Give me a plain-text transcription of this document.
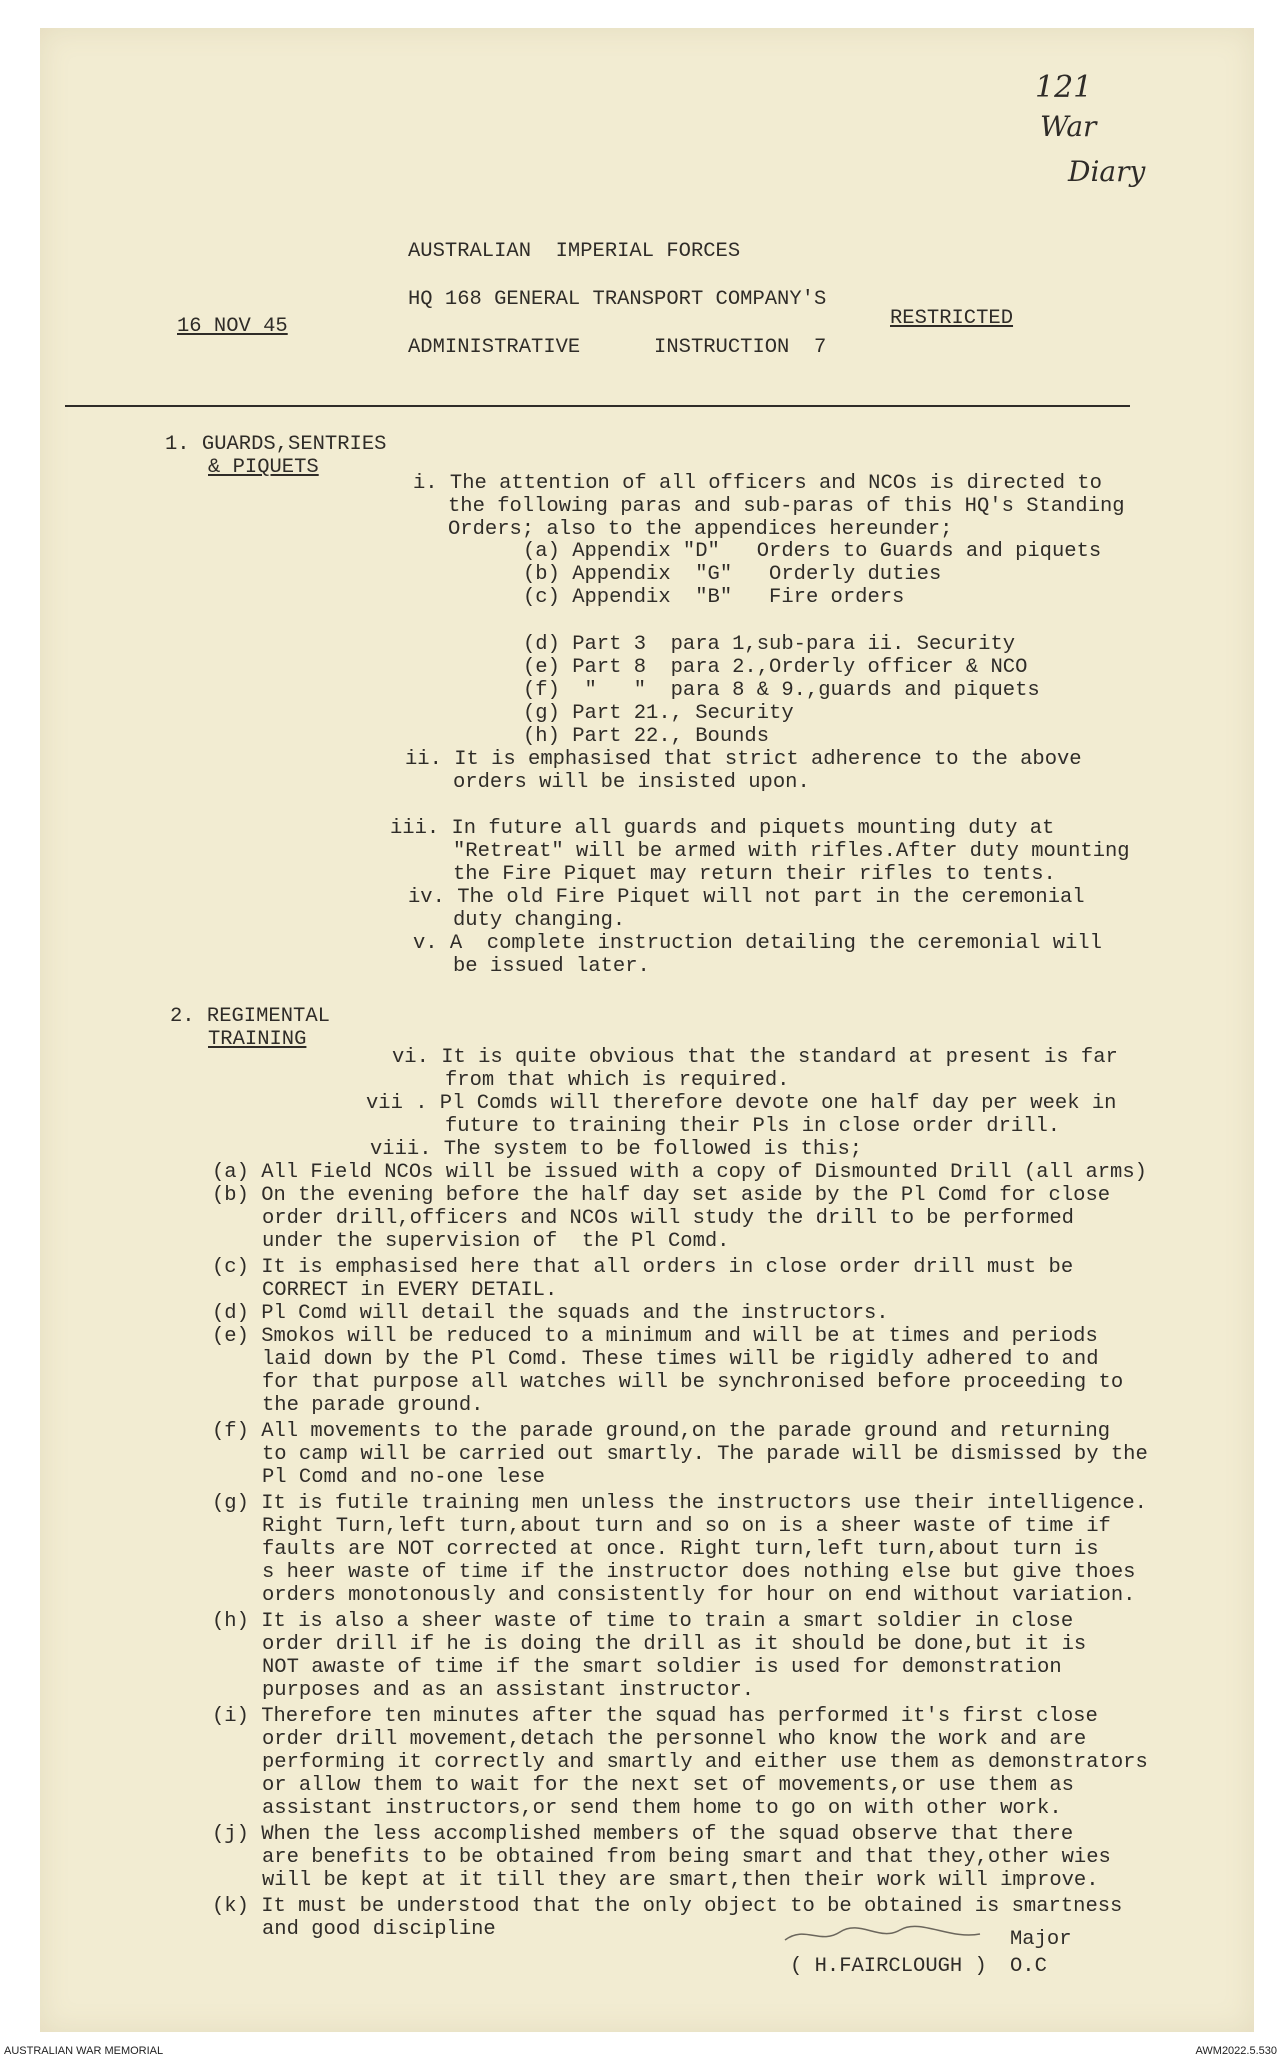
121
War
Diary
AUSTRALIAN  IMPERIAL FORCES
HQ 168 GENERAL TRANSPORT COMPANY'S
16 NOV 45	RESTRICTED
ADMINISTRATIVE      INSTRUCTION  7
1. GUARDS,SENTRIES
& PIQUETS
i. The attention of all officers and NCOs is directed to
the following paras and sub-paras of this HQ's Standing
Orders; also to the appendices hereunder;
(a) Appendix "D"   Orders to Guards and piquets
(b) Appendix  "G"   Orderly duties
(c) Appendix  "B"   Fire orders
(d) Part 3  para 1,sub-para ii. Security
(e) Part 8  para 2.,Orderly officer & NCO
(f)  "   "  para 8 & 9.,guards and piquets
(g) Part 21., Security
(h) Part 22., Bounds
ii. It is emphasised that strict adherence to the above
orders will be insisted upon.
iii. In future all guards and piquets mounting duty at
"Retreat" will be armed with rifles.After duty mounting
the Fire Piquet may return their rifles to tents.
iv. The old Fire Piquet will not part in the ceremonial
duty changing.
v. A  complete instruction detailing the ceremonial will
be issued later.
2. REGIMENTAL
TRAINING
vi. It is quite obvious that the standard at present is far
from that which is required.
vii . Pl Comds will therefore devote one half day per week in
future to training their Pls in close order drill.
viii. The system to be followed is this;
(a) All Field NCOs will be issued with a copy of Dismounted Drill (all arms)
(b) On the evening before the half day set aside by the Pl Comd for close
order drill,officers and NCOs will study the drill to be performed
under the supervision of  the Pl Comd.
(c) It is emphasised here that all orders in close order drill must be
CORRECT in EVERY DETAIL.
(d) Pl Comd will detail the squads and the instructors.
(e) Smokos will be reduced to a minimum and will be at times and periods
laid down by the Pl Comd. These times will be rigidly adhered to and
for that purpose all watches will be synchronised before proceeding to
the parade ground.
(f) All movements to the parade ground,on the parade ground and returning
to camp will be carried out smartly. The parade will be dismissed by the
Pl Comd and no-one lese
(g) It is futile training men unless the instructors use their intelligence.
Right Turn,left turn,about turn and so on is a sheer waste of time if
faults are NOT corrected at once. Right turn,left turn,about turn is
s heer waste of time if the instructor does nothing else but give thoes
orders monotonously and consistently for hour on end without variation.
(h) It is also a sheer waste of time to train a smart soldier in close
order drill if he is doing the drill as it should be done,but it is
NOT awaste of time if the smart soldier is used for demonstration
purposes and as an assistant instructor.
(i) Therefore ten minutes after the squad has performed it's first close
order drill movement,detach the personnel who know the work and are
performing it correctly and smartly and either use them as demonstrators
or allow them to wait for the next set of movements,or use them as
assistant instructors,or send them home to go on with other work.
(j) When the less accomplished members of the squad observe that there
are benefits to be obtained from being smart and that they,other wies
will be kept at it till they are smart,then their work will improve.
(k) It must be understood that the only object to be obtained is smartness
and good discipline	Major
( H.FAIRCLOUGH ) O.C
AUSTRALIAN WAR MEMORIAL	AWM2022.5.530
